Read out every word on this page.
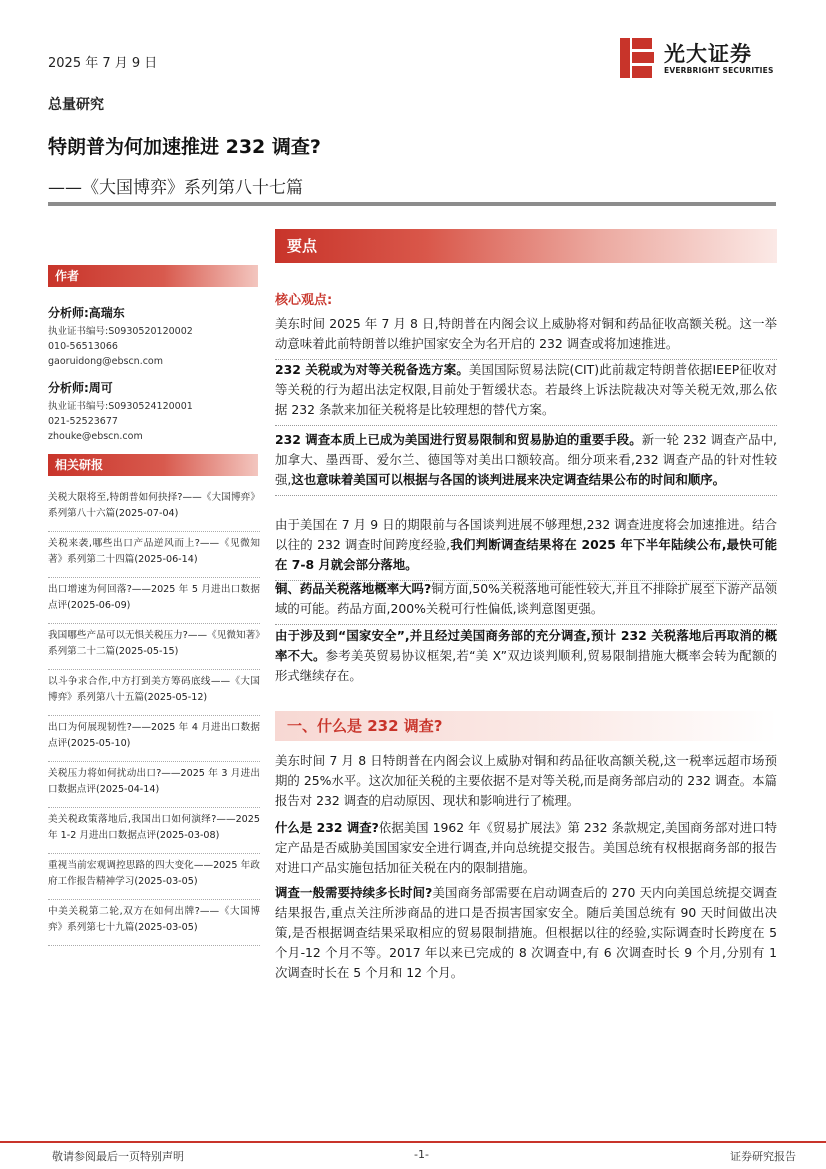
2025 年 7 月 9 日
总量研究
特朗普为何加速推进 232 调查?
——《大国博弈》系列第八十七篇
光大证券
EVERBRIGHT SECURITIES
作者
分析师:高瑞东
执业证书编号:S0930520120002
010-56513066
gaoruidong@ebscn.com
分析师:周可
执业证书编号:S0930524120001
021-52523677
zhouke@ebscn.com
相关研报
关税大限将至,特朗普如何抉择?——《大国博弈》系列第八十六篇(2025-07-04)
关税来袭,哪些出口产品逆风而上?——《见微知著》系列第二十四篇(2025-06-14)
出口增速为何回落?——2025 年 5 月进出口数据点评(2025-06-09)
我国哪些产品可以无惧关税压力?——《见微知著》系列第二十二篇(2025-05-15)
以斗争求合作,中方打到美方筹码底线——《大国博弈》系列第八十五篇(2025-05-12)
出口为何展现韧性?——2025 年 4 月进出口数据点评(2025-05-10)
关税压力将如何扰动出口?——2025 年 3 月进出口数据点评(2025-04-14)
美关税政策落地后,我国出口如何演绎?——2025 年 1-2 月进出口数据点评(2025-03-08)
重视当前宏观调控思路的四大变化——2025 年政府工作报告精神学习(2025-03-05)
中美关税第二轮,双方在如何出牌?——《大国博弈》系列第七十九篇(2025-03-05)
要点
核心观点:

美东时间 2025 年 7 月 8 日,特朗普在内阁会议上威胁将对铜和药品征收高额关税。这一举动意味着此前特朗普以维护国家安全为名开启的 232 调查或将加速推进。

232 关税或为对等关税备选方案。美国国际贸易法院(CIT)此前裁定特朗普依据IEEP征收对等关税的行为超出法定权限,目前处于暂缓状态。若最终上诉法院裁决对等关税无效,那么依据 232 条款来加征关税将是比较理想的替代方案。

232 调查本质上已成为美国进行贸易限制和贸易胁迫的重要手段。新一轮 232 调查产品中,加拿大、墨西哥、爱尔兰、德国等对美出口额较高。细分项来看,232 调查产品的针对性较强,这也意味着美国可以根据与各国的谈判进展来决定调查结果公布的时间和顺序。

由于美国在 7 月 9 日的期限前与各国谈判进展不够理想,232 调查进度将会加速推进。结合以往的 232 调查时间跨度经验,我们判断调查结果将在 2025 年下半年陆续公布,最快可能在 7-8 月就会部分落地。

铜、药品关税落地概率大吗?铜方面,50%关税落地可能性较大,并且不排除扩展至下游产品领域的可能。药品方面,200%关税可行性偏低,谈判意图更强。

由于涉及到“国家安全”,并且经过美国商务部的充分调查,预计 232 关税落地后再取消的概率不大。参考美英贸易协议框架,若“美 X”双边谈判顺利,贸易限制措施大概率会转为配额的形式继续存在。

一、什么是 232 调查?

美东时间 7 月 8 日特朗普在内阁会议上威胁对铜和药品征收高额关税,这一税率远超市场预期的 25%水平。这次加征关税的主要依据不是对等关税,而是商务部启动的 232 调查。本篇报告对 232 调查的启动原因、现状和影响进行了梳理。

什么是 232 调查?依据美国 1962 年《贸易扩展法》第 232 条款规定,美国商务部对进口特定产品是否威胁美国国家安全进行调查,并向总统提交报告。美国总统有权根据商务部的报告对进口产品实施包括加征关税在内的限制措施。

调查一般需要持续多长时间?美国商务部需要在启动调查后的 270 天内向美国总统提交调查结果报告,重点关注所涉商品的进口是否损害国家安全。随后美国总统有 90 天时间做出决策,是否根据调查结果采取相应的贸易限制措施。但根据以往的经验,实际调查时长跨度在 5 个月-12 个月不等。2017 年以来已完成的 8 次调查中,有 6 次调查时长 9 个月,分别有 1 次调查时长在 5 个月和 12 个月。

敬请参阅最后一页特别声明	-1-	证券研究报告
